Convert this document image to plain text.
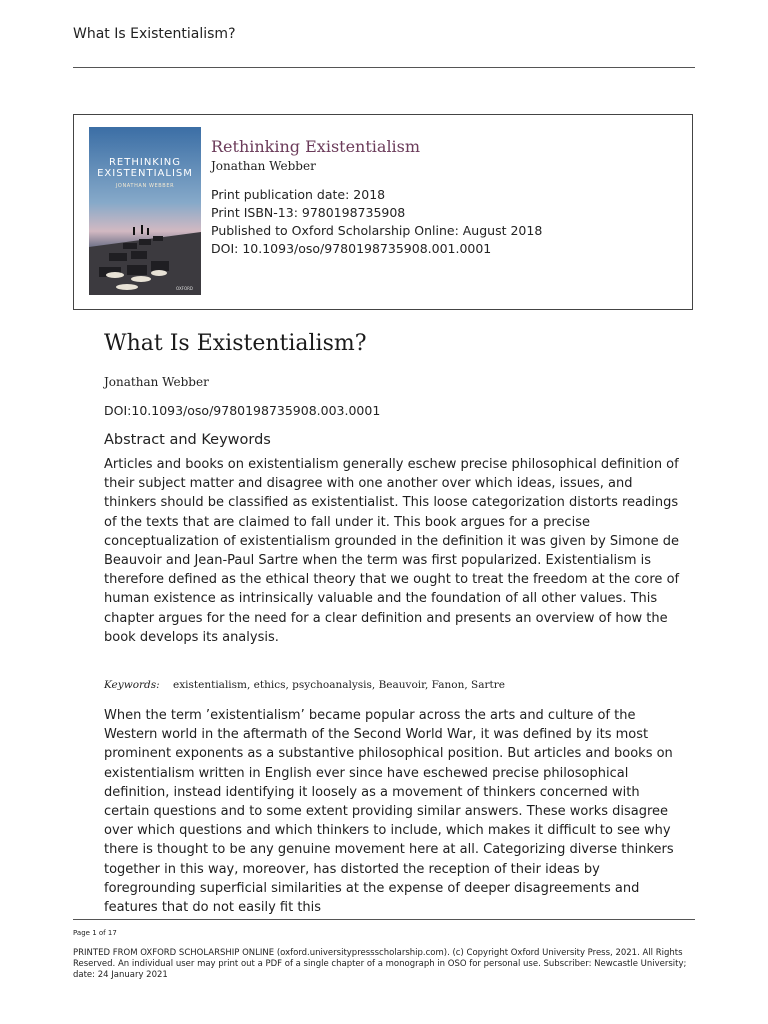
What Is Existentialism?
RETHINKING
EXISTENTIALISM
JONATHAN WEBBER
OXFORD
Rethinking Existentialism
Jonathan Webber
Print publication date: 2018
Print ISBN-13: 9780198735908
Published to Oxford Scholarship Online: August 2018
DOI: 10.1093/oso/9780198735908.001.0001
What Is Existentialism?
Jonathan Webber
DOI:10.1093/oso/9780198735908.003.0001
Abstract and Keywords

Articles and books on existentialism generally eschew precise philosophical definition of their subject matter and disagree with one another over which ideas, issues, and thinkers should be classified as existentialist. This loose categorization distorts readings of the texts that are claimed to fall under it. This book argues for a precise conceptualization of existentialism grounded in the definition it was given by Simone de Beauvoir and Jean-Paul Sartre when the term was first popularized. Existentialism is therefore defined as the ethical theory that we ought to treat the freedom at the core of human existence as intrinsically valuable and the foundation of all other values. This chapter argues for the need for a clear definition and presents an overview of how the book develops its analysis.

Keywords: existentialism, ethics, psychoanalysis, Beauvoir, Fanon, Sartre

When the term ’existentialism’ became popular across the arts and culture of the Western world in the aftermath of the Second World War, it was defined by its most prominent exponents as a substantive philosophical position. But articles and books on existentialism written in English ever since have eschewed precise philosophical definition, instead identifying it loosely as a movement of thinkers concerned with certain questions and to some extent providing similar answers. These works disagree over which questions and which thinkers to include, which makes it difficult to see why there is thought to be any genuine movement here at all. Categorizing diverse thinkers together in this way, moreover, has distorted the reception of their ideas by foregrounding superficial similarities at the expense of deeper disagreements and features that do not easily fit this

Page 1 of 17

PRINTED FROM OXFORD SCHOLARSHIP ONLINE (oxford.universitypressscholarship.com). (c) Copyright Oxford University Press, 2021. All Rights Reserved. An individual user may print out a PDF of a single chapter of a monograph in OSO for personal use. Subscriber: Newcastle University; date: 24 January 2021
